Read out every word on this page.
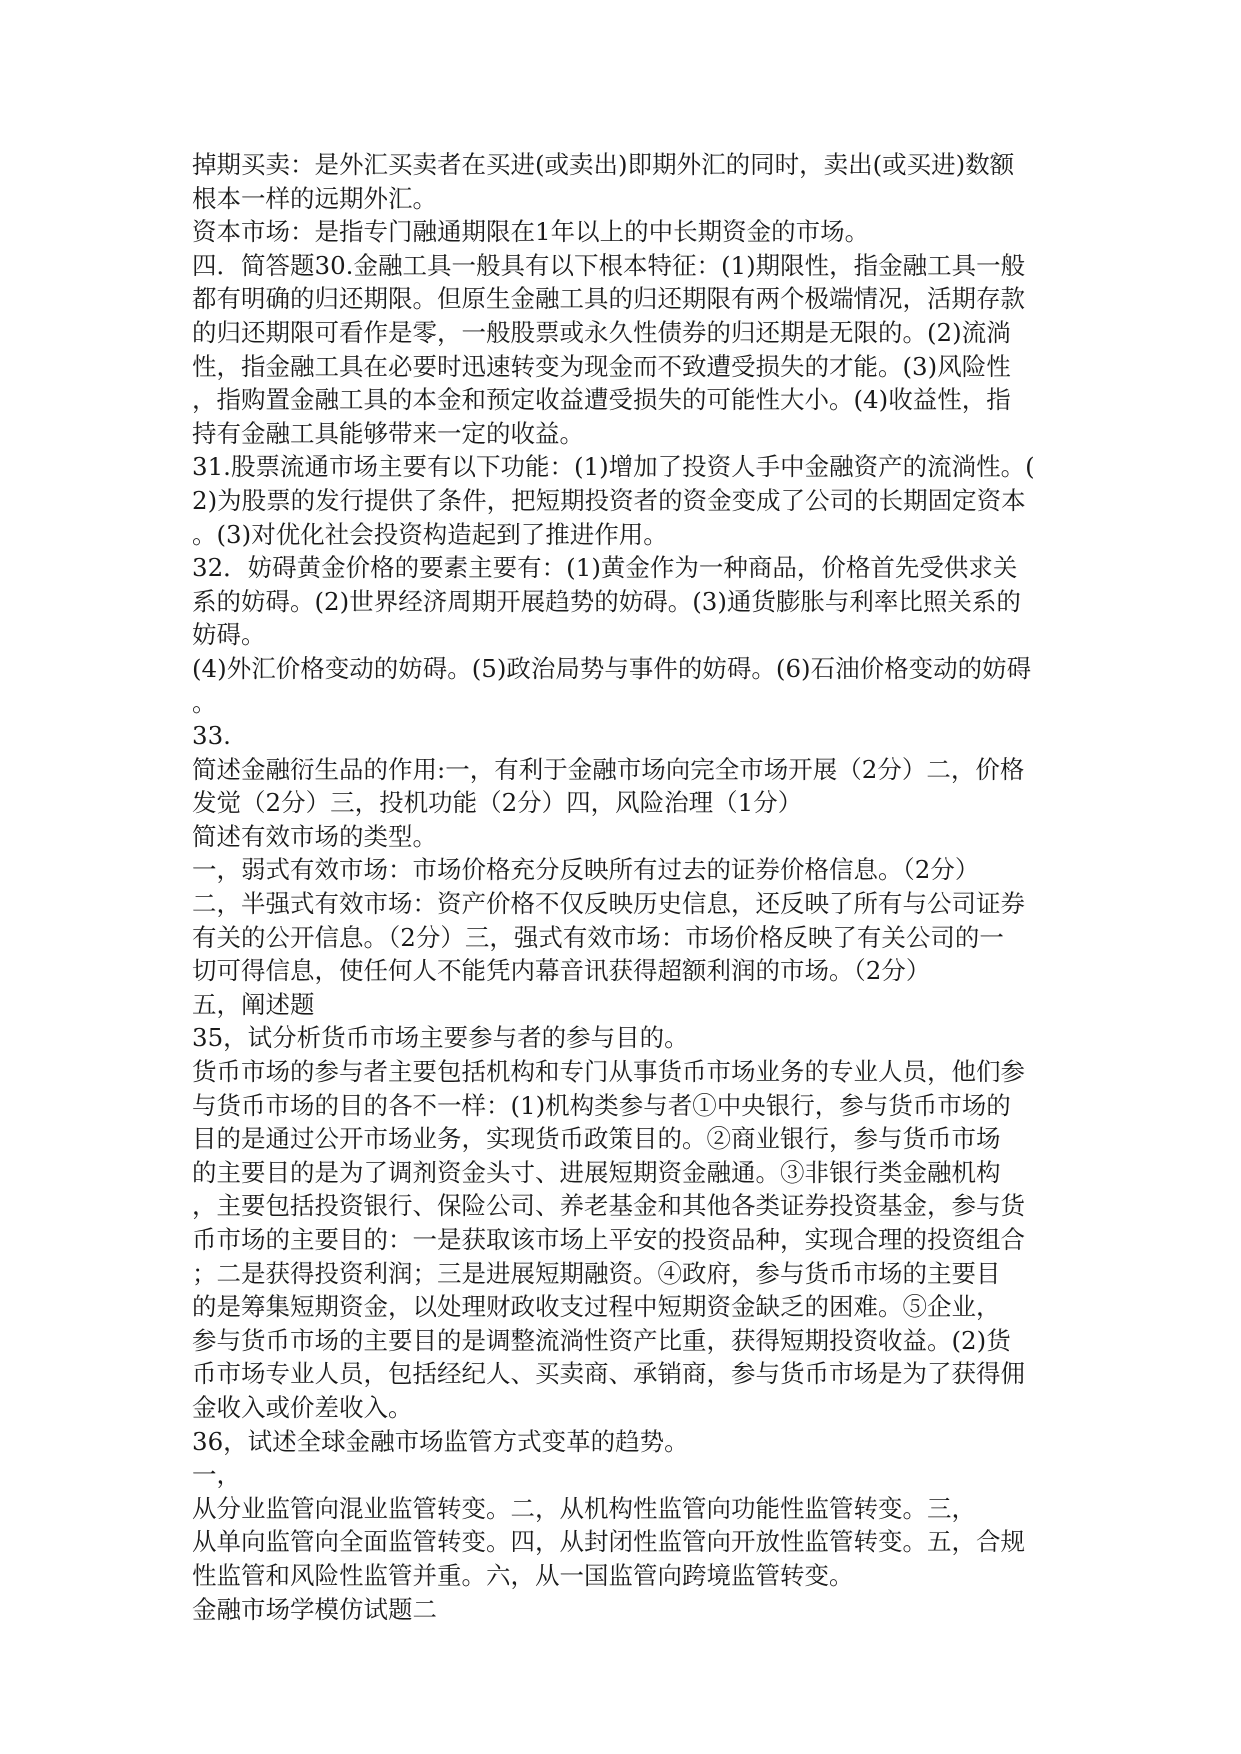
掉期买卖：是外汇买卖者在买进(或卖出)即期外汇的同时，卖出(或买进)数额
根本一样的远期外汇。
资本市场：是指专门融通期限在1年以上的中长期资金的市场。
四．简答题30.金融工具一般具有以下根本特征：(1)期限性，指金融工具一般
都有明确的归还期限。但原生金融工具的归还期限有两个极端情况，活期存款
的归还期限可看作是零，一般股票或永久性债券的归还期是无限的。(2)流淌
性，指金融工具在必要时迅速转变为现金而不致遭受损失的才能。(3)风险性
，指购置金融工具的本金和预定收益遭受损失的可能性大小。(4)收益性，指
持有金融工具能够带来一定的收益。
31.股票流通市场主要有以下功能：(1)增加了投资人手中金融资产的流淌性。(
2)为股票的发行提供了条件，把短期投资者的资金变成了公司的长期固定资本
。(3)对优化社会投资构造起到了推进作用。
32．妨碍黄金价格的要素主要有：(1)黄金作为一种商品，价格首先受供求关
系的妨碍。(2)世界经济周期开展趋势的妨碍。(3)通货膨胀与利率比照关系的
妨碍。
(4)外汇价格变动的妨碍。(5)政治局势与事件的妨碍。(6)石油价格变动的妨碍
。
33.
简述金融衍生品的作用:一，有利于金融市场向完全市场开展（2分）二，价格
发觉（2分）三，投机功能（2分）四，风险治理（1分）
简述有效市场的类型。
一，弱式有效市场：市场价格充分反映所有过去的证券价格信息。（2分）
二，半强式有效市场：资产价格不仅反映历史信息，还反映了所有与公司证券
有关的公开信息。（2分）三，强式有效市场：市场价格反映了有关公司的一
切可得信息，使任何人不能凭内幕音讯获得超额利润的市场。（2分）
五，阐述题
35，试分析货币市场主要参与者的参与目的。
货币市场的参与者主要包括机构和专门从事货币市场业务的专业人员，他们参
与货币市场的目的各不一样：(1)机构类参与者①中央银行，参与货币市场的
目的是通过公开市场业务，实现货币政策目的。②商业银行，参与货币市场
的主要目的是为了调剂资金头寸、进展短期资金融通。③非银行类金融机构
，主要包括投资银行、保险公司、养老基金和其他各类证券投资基金，参与货
币市场的主要目的：一是获取该市场上平安的投资品种，实现合理的投资组合
；二是获得投资利润；三是进展短期融资。④政府，参与货币市场的主要目
的是筹集短期资金，以处理财政收支过程中短期资金缺乏的困难。⑤企业，
参与货币市场的主要目的是调整流淌性资产比重，获得短期投资收益。(2)货
币市场专业人员，包括经纪人、买卖商、承销商，参与货币市场是为了获得佣
金收入或价差收入。
36，试述全球金融市场监管方式变革的趋势。
一，
从分业监管向混业监管转变。二，从机构性监管向功能性监管转变。三，
从单向监管向全面监管转变。四，从封闭性监管向开放性监管转变。五，合规
性监管和风险性监管并重。六，从一国监管向跨境监管转变。
金融市场学模仿试题二
